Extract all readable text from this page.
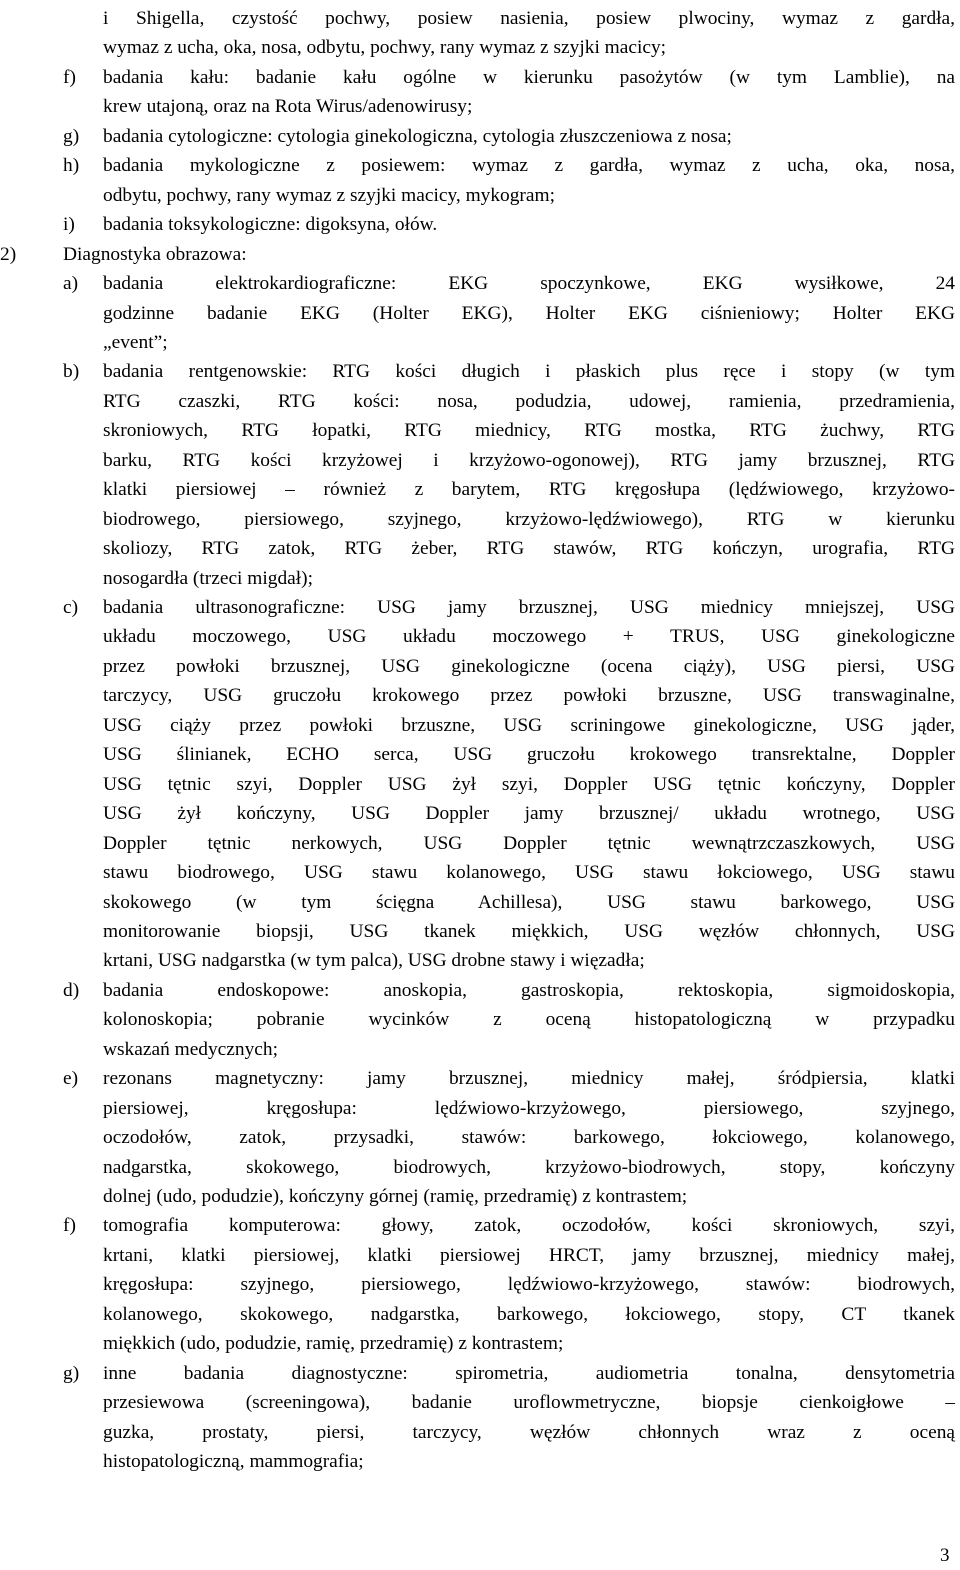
i Shigella, czystość pochwy, posiew nasienia, posiew plwociny, wymaz z gardła,
wymaz z ucha, oka, nosa, odbytu, pochwy, rany wymaz z szyjki macicy;
f)	badania kału: badanie kału ogólne w kierunku pasożytów (w tym Lamblie), na
krew utajoną, oraz na Rota Wirus/adenowirusy;
g)	badania cytologiczne: cytologia ginekologiczna, cytologia złuszczeniowa z nosa;
h)	badania mykologiczne z posiewem: wymaz z gardła, wymaz z ucha, oka, nosa,
odbytu, pochwy, rany wymaz z szyjki macicy, mykogram;
i)	badania toksykologiczne: digoksyna, ołów.
2) Diagnostyka obrazowa:
a)	badania elektrokardiograficzne: EKG spoczynkowe, EKG wysiłkowe, 24
godzinne badanie EKG (Holter EKG), Holter EKG ciśnieniowy; Holter EKG
„event”;
b)	badania rentgenowskie: RTG kości długich i płaskich plus ręce i stopy (w tym
RTG czaszki, RTG kości: nosa, podudzia, udowej, ramienia, przedramienia,
skroniowych, RTG łopatki, RTG miednicy, RTG mostka, RTG żuchwy, RTG
barku, RTG kości krzyżowej i krzyżowo-ogonowej), RTG jamy brzusznej, RTG
klatki piersiowej – również z barytem, RTG kręgosłupa (lędźwiowego, krzyżowo-
biodrowego, piersiowego, szyjnego, krzyżowo-lędźwiowego), RTG w kierunku
skoliozy, RTG zatok, RTG żeber, RTG stawów, RTG kończyn, urografia, RTG
nosogardła (trzeci migdał);
c)	badania ultrasonograficzne: USG jamy brzusznej, USG miednicy mniejszej, USG
układu moczowego, USG układu moczowego + TRUS, USG ginekologiczne
przez powłoki brzusznej, USG ginekologiczne (ocena ciąży), USG piersi, USG
tarczycy, USG gruczołu krokowego przez powłoki brzuszne, USG transwaginalne,
USG ciąży przez powłoki brzuszne, USG scriningowe ginekologiczne, USG jąder,
USG ślinianek, ECHO serca, USG gruczołu krokowego transrektalne, Doppler
USG tętnic szyi, Doppler USG żył szyi, Doppler USG tętnic kończyny, Doppler
USG żył kończyny, USG Doppler jamy brzusznej/ układu wrotnego, USG
Doppler tętnic nerkowych, USG Doppler tętnic wewnątrzczaszkowych, USG
stawu biodrowego, USG stawu kolanowego, USG stawu łokciowego, USG stawu
skokowego (w tym ścięgna Achillesa), USG stawu barkowego, USG
monitorowanie biopsji, USG tkanek miękkich, USG węzłów chłonnych, USG
krtani, USG nadgarstka (w tym palca), USG drobne stawy i więzadła;
d)	badania endoskopowe: anoskopia, gastroskopia, rektoskopia, sigmoidoskopia,
kolonoskopia; pobranie wycinków z oceną histopatologiczną w przypadku
wskazań medycznych;
e)	rezonans magnetyczny: jamy brzusznej, miednicy małej, śródpiersia, klatki
piersiowej, kręgosłupa: lędźwiowo-krzyżowego, piersiowego, szyjnego,
oczodołów, zatok, przysadki, stawów: barkowego, łokciowego, kolanowego,
nadgarstka, skokowego, biodrowych, krzyżowo-biodrowych, stopy, kończyny
dolnej (udo, podudzie), kończyny górnej (ramię, przedramię) z kontrastem;
f)	tomografia komputerowa: głowy, zatok, oczodołów, kości skroniowych, szyi,
krtani, klatki piersiowej, klatki piersiowej HRCT, jamy brzusznej, miednicy małej,
kręgosłupa: szyjnego, piersiowego, lędźwiowo-krzyżowego, stawów: biodrowych,
kolanowego, skokowego, nadgarstka, barkowego, łokciowego, stopy, CT tkanek
miękkich (udo, podudzie, ramię, przedramię) z kontrastem;
g)	inne badania diagnostyczne: spirometria, audiometria tonalna, densytometria
przesiewowa (screeningowa), badanie uroflowmetryczne, biopsje cienkoigłowe –
guzka, prostaty, piersi, tarczycy, węzłów chłonnych wraz z oceną
histopatologiczną, mammografia;
3
